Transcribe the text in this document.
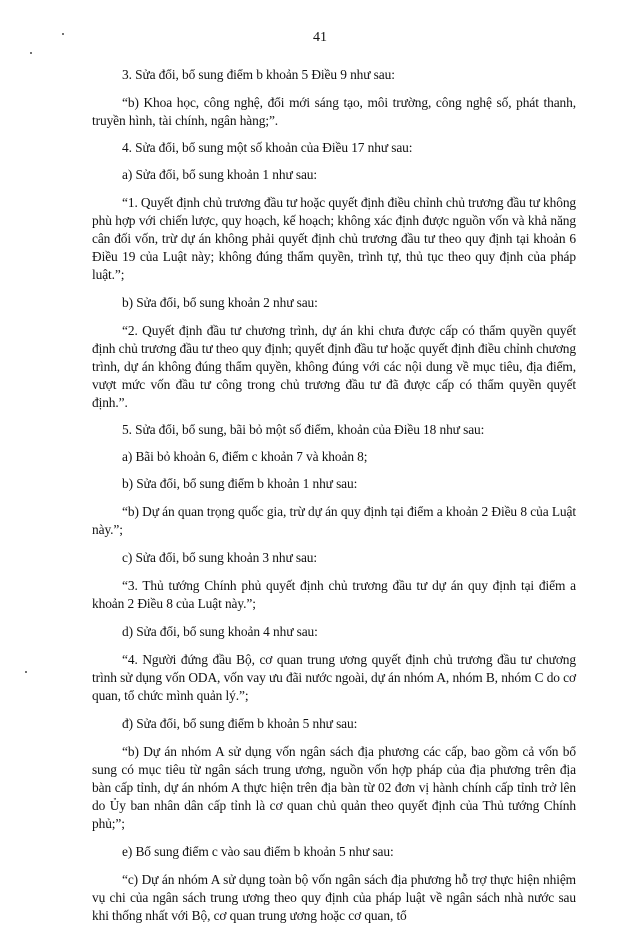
41

3. Sửa đổi, bổ sung điểm b khoản 5 Điều 9 như sau:

“b) Khoa học, công nghệ, đổi mới sáng tạo, môi trường, công nghệ số, phát thanh, truyền hình, tài chính, ngân hàng;”.

4. Sửa đổi, bổ sung một số khoản của Điều 17 như sau:

a) Sửa đổi, bổ sung khoản 1 như sau:

“1. Quyết định chủ trương đầu tư hoặc quyết định điều chỉnh chủ trương đầu tư không phù hợp với chiến lược, quy hoạch, kế hoạch; không xác định được nguồn vốn và khả năng cân đối vốn, trừ dự án không phải quyết định chủ trương đầu tư theo quy định tại khoản 6 Điều 19 của Luật này; không đúng thẩm quyền, trình tự, thủ tục theo quy định của pháp luật.”;

b) Sửa đổi, bổ sung khoản 2 như sau:

“2. Quyết định đầu tư chương trình, dự án khi chưa được cấp có thẩm quyền quyết định chủ trương đầu tư theo quy định; quyết định đầu tư hoặc quyết định điều chỉnh chương trình, dự án không đúng thẩm quyền, không đúng với các nội dung về mục tiêu, địa điểm, vượt mức vốn đầu tư công trong chủ trương đầu tư đã được cấp có thẩm quyền quyết định.”.

5. Sửa đổi, bổ sung, bãi bỏ một số điểm, khoản của Điều 18 như sau:

a) Bãi bỏ khoản 6, điểm c khoản 7 và khoản 8;

b) Sửa đổi, bổ sung điểm b khoản 1 như sau:

“b) Dự án quan trọng quốc gia, trừ dự án quy định tại điểm a khoản 2 Điều 8 của Luật này.”;

c) Sửa đổi, bổ sung khoản 3 như sau:

“3. Thủ tướng Chính phủ quyết định chủ trương đầu tư dự án quy định tại điểm a khoản 2 Điều 8 của Luật này.”;

d) Sửa đổi, bổ sung khoản 4 như sau:

“4. Người đứng đầu Bộ, cơ quan trung ương quyết định chủ trương đầu tư chương trình sử dụng vốn ODA, vốn vay ưu đãi nước ngoài, dự án nhóm A, nhóm B, nhóm C do cơ quan, tổ chức mình quản lý.”;

đ) Sửa đổi, bổ sung điểm b khoản 5 như sau:

“b) Dự án nhóm A sử dụng vốn ngân sách địa phương các cấp, bao gồm cả vốn bổ sung có mục tiêu từ ngân sách trung ương, nguồn vốn hợp pháp của địa phương trên địa bàn cấp tỉnh, dự án nhóm A thực hiện trên địa bàn từ 02 đơn vị hành chính cấp tỉnh trở lên do Ủy ban nhân dân cấp tỉnh là cơ quan chủ quản theo quyết định của Thủ tướng Chính phủ;”;

e) Bổ sung điểm c vào sau điểm b khoản 5 như sau:

“c) Dự án nhóm A sử dụng toàn bộ vốn ngân sách địa phương hỗ trợ thực hiện nhiệm vụ chi của ngân sách trung ương theo quy định của pháp luật về ngân sách nhà nước sau khi thống nhất với Bộ, cơ quan trung ương hoặc cơ quan, tổ
